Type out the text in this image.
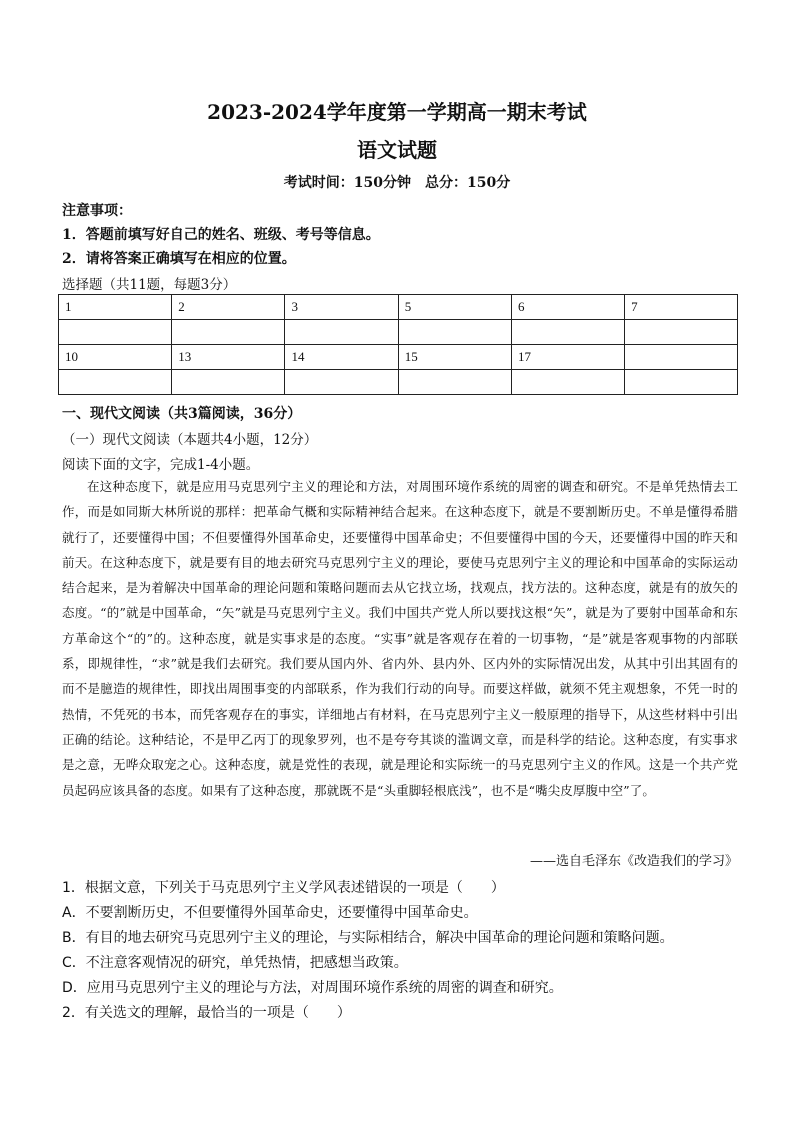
2023-2024学年度第一学期高一期末考试
语文试题
考试时间：150分钟　总分：150分
注意事项：
1．答题前填写好自己的姓名、班级、考号等信息。
2．请将答案正确填写在相应的位置。
选择题（共11题，每题3分）
1	2	3	5	6	7

10	13	14	15	17	

一、现代文阅读（共3篇阅读，36分）
（一）现代文阅读（本题共4小题，12分）
阅读下面的文字，完成1-4小题。

在这种态度下，就是应用马克思列宁主义的理论和方法，对周围环境作系统的周密的调查和研究。不是单凭热情去工作，而是如同斯大林所说的那样：把革命气概和实际精神结合起来。在这种态度下，就是不要割断历史。不单是懂得希腊就行了，还要懂得中国；不但要懂得外国革命史，还要懂得中国革命史；不但要懂得中国的今天，还要懂得中国的昨天和前天。在这种态度下，就是要有目的地去研究马克思列宁主义的理论，要使马克思列宁主义的理论和中国革命的实际运动结合起来，是为着解决中国革命的理论问题和策略问题而去从它找立场，找观点，找方法的。这种态度，就是有的放矢的态度。“的”就是中国革命，“矢”就是马克思列宁主义。我们中国共产党人所以要找这根“矢”，就是为了要射中国革命和东方革命这个“的”的。这种态度，就是实事求是的态度。“实事”就是客观存在着的一切事物，“是”就是客观事物的内部联系，即规律性，“求”就是我们去研究。我们要从国内外、省内外、县内外、区内外的实际情况出发，从其中引出其固有的而不是臆造的规律性，即找出周围事变的内部联系，作为我们行动的向导。而要这样做，就须不凭主观想象，不凭一时的热情，不凭死的书本，而凭客观存在的事实，详细地占有材料，在马克思列宁主义一般原理的指导下，从这些材料中引出正确的结论。这种结论，不是甲乙丙丁的现象罗列，也不是夸夸其谈的滥调文章，而是科学的结论。这种态度，有实事求是之意，无哗众取宠之心。这种态度，就是党性的表现，就是理论和实际统一的马克思列宁主义的作风。这是一个共产党员起码应该具备的态度。如果有了这种态度，那就既不是“头重脚轻根底浅”，也不是“嘴尖皮厚腹中空”了。

——选自毛泽东《改造我们的学习》
1．根据文意，下列关于马克思列宁主义学风表述错误的一项是（　　）
A．不要割断历史，不但要懂得外国革命史，还要懂得中国革命史。
B．有目的地去研究马克思列宁主义的理论，与实际相结合，解决中国革命的理论问题和策略问题。
C．不注意客观情况的研究，单凭热情，把感想当政策。
D．应用马克思列宁主义的理论与方法，对周围环境作系统的周密的调查和研究。
2．有关选文的理解，最恰当的一项是（　　）
